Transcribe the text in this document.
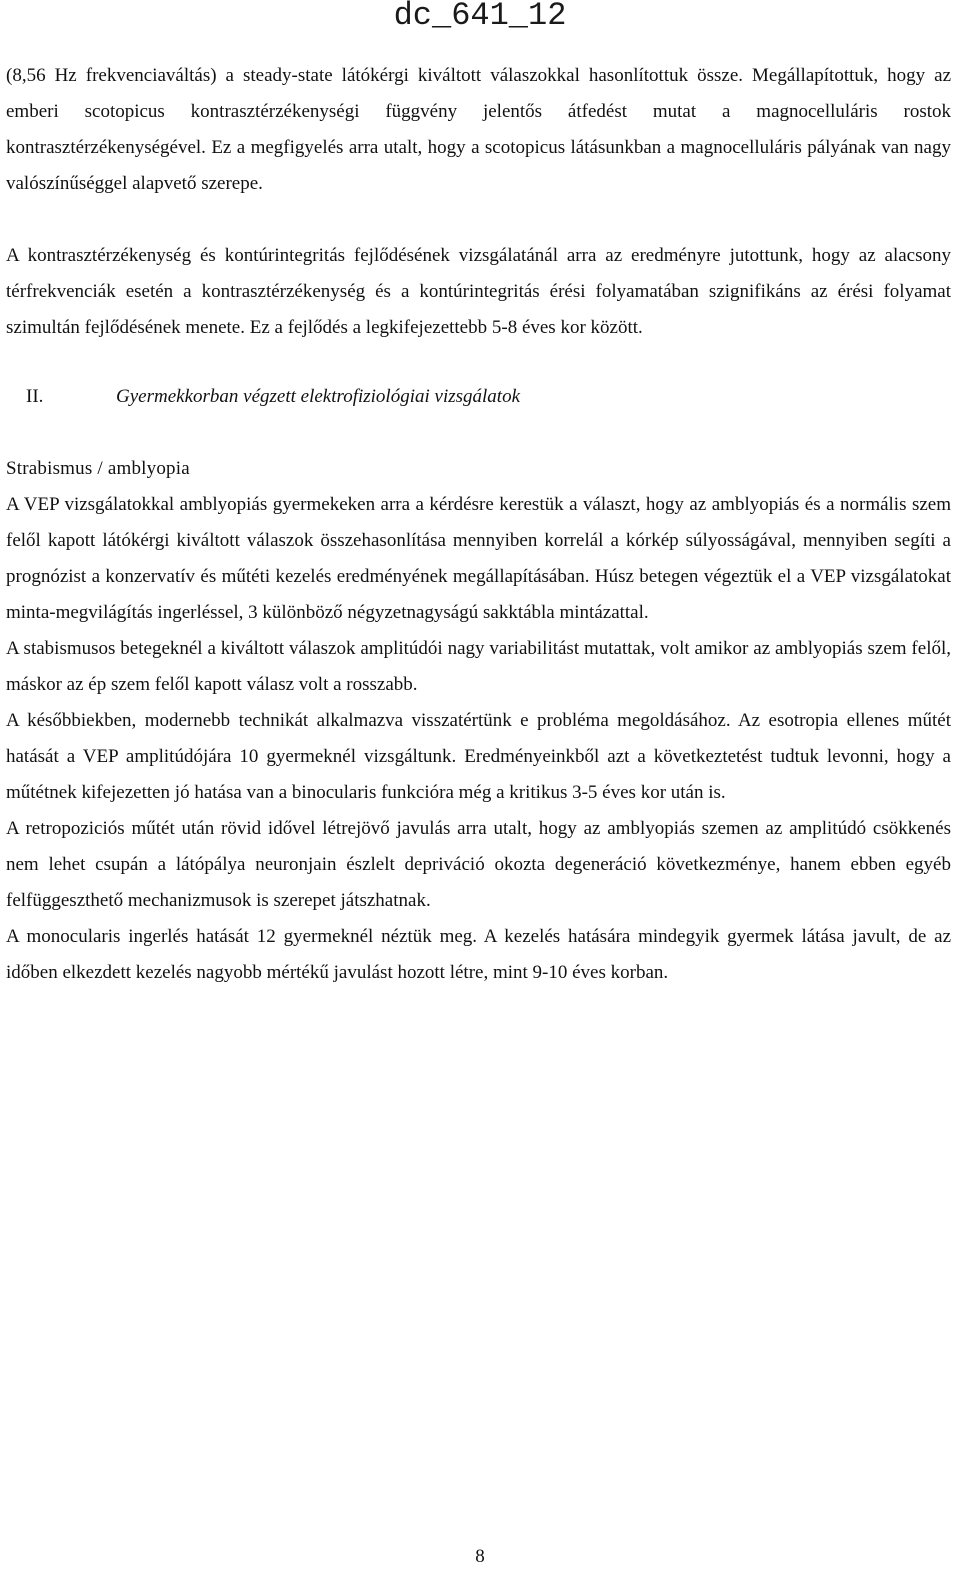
dc_641_12

(8,56 Hz frekvenciaváltás) a steady-state látókérgi kiváltott válaszokkal hasonlítottuk össze. Megállapítottuk, hogy az emberi scotopicus kontrasztérzékenységi függvény jelentős átfedést mutat a magnocelluláris rostok kontrasztérzékenységével. Ez a megfigyelés arra utalt, hogy a scotopicus látásunkban a magnocelluláris pályának van nagy valószínűséggel alapvető szerepe.

A kontrasztérzékenység és kontúrintegritás fejlődésének vizsgálatánál arra az eredményre jutottunk, hogy az alacsony térfrekvenciák esetén a kontrasztérzékenység és a kontúrintegritás érési folyamatában szignifikáns az érési folyamat szimultán fejlődésének menete. Ez a fejlődés a legkifejezettebb 5-8 éves kor között.

II.	Gyermekkorban végzett elektrofiziológiai vizsgálatok

Strabismus / amblyopia

A VEP vizsgálatokkal amblyopiás gyermekeken arra a kérdésre kerestük a választ, hogy az amblyopiás és a normális szem felől kapott látókérgi kiváltott válaszok összehasonlítása mennyiben korrelál a kórkép súlyosságával, mennyiben segíti a prognózist a konzervatív és műtéti kezelés eredményének megállapításában. Húsz betegen végeztük el a VEP vizsgálatokat minta-megvilágítás ingerléssel, 3 különböző négyzetnagyságú sakktábla mintázattal.

A stabismusos betegeknél a kiváltott válaszok amplitúdói nagy variabilitást mutattak, volt amikor az amblyopiás szem felől, máskor az ép szem felől kapott válasz volt a rosszabb.

A későbbiekben, modernebb technikát alkalmazva visszatértünk e probléma megoldásához. Az esotropia ellenes műtét hatását a VEP amplitúdójára 10 gyermeknél vizsgáltunk. Eredményeinkből azt a következtetést tudtuk levonni, hogy a műtétnek kifejezetten jó hatása van a binocularis funkcióra még a kritikus 3-5 éves kor után is.

A retropoziciós műtét után rövid idővel létrejövő javulás arra utalt, hogy az amblyopiás szemen az amplitúdó csökkenés nem lehet csupán a látópálya neuronjain észlelt depriváció okozta degeneráció következménye, hanem ebben egyéb felfüggeszthető mechanizmusok is szerepet játszhatnak.

A monocularis ingerlés hatását 12 gyermeknél néztük meg. A kezelés hatására mindegyik gyermek látása javult, de az időben elkezdett kezelés nagyobb mértékű javulást hozott létre, mint 9-10 éves korban.

8
